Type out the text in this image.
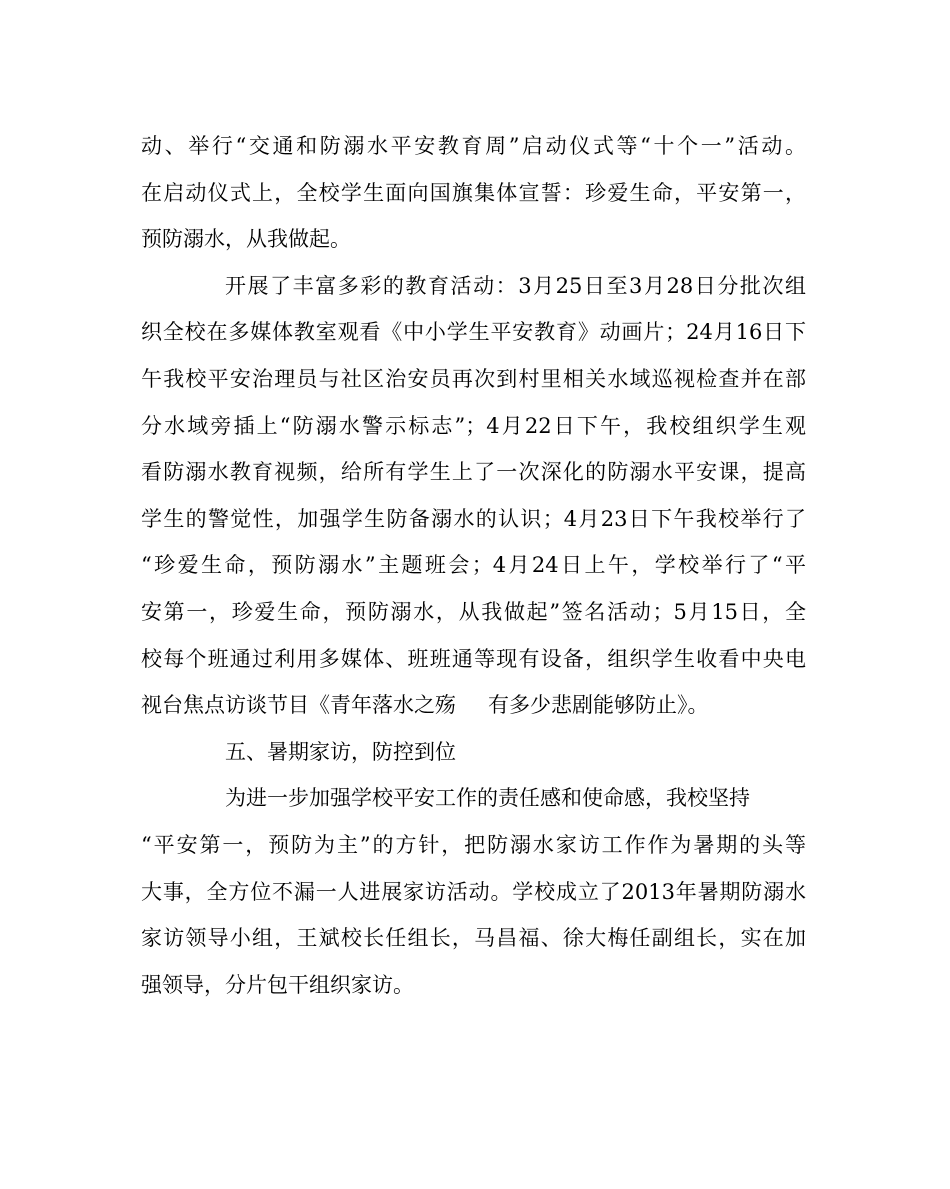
动、举行“交通和防溺水平安教育周”启动仪式等“十个一”活动。
在启动仪式上，全校学生面向国旗集体宣誓：珍爱生命，平安第一，
预防溺水，从我做起。
开展了丰富多彩的教育活动：3月25日至3月28日分批次组
织全校在多媒体教室观看《中小学生平安教育》动画片；24月16日下
午我校平安治理员与社区治安员再次到村里相关水域巡视检查并在部
分水域旁插上“防溺水警示标志”；4月22日下午，我校组织学生观
看防溺水教育视频，给所有学生上了一次深化的防溺水平安课，提高
学生的警觉性，加强学生防备溺水的认识；4月23日下午我校举行了
“珍爱生命，预防溺水”主题班会；4月24日上午，学校举行了“平
安第一，珍爱生命，预防溺水，从我做起”签名活动；5月15日，全
校每个班通过利用多媒体、班班通等现有设备，组织学生收看中央电
视台焦点访谈节目《青年落水之殇 有多少悲剧能够防止》。
五、暑期家访，防控到位
为进一步加强学校平安工作的责任感和使命感，我校坚持
“平安第一，预防为主”的方针，把防溺水家访工作作为暑期的头等
大事，全方位不漏一人进展家访活动。学校成立了2013年暑期防溺水
家访领导小组，王斌校长任组长，马昌福、徐大梅任副组长，实在加
强领导，分片包干组织家访。
